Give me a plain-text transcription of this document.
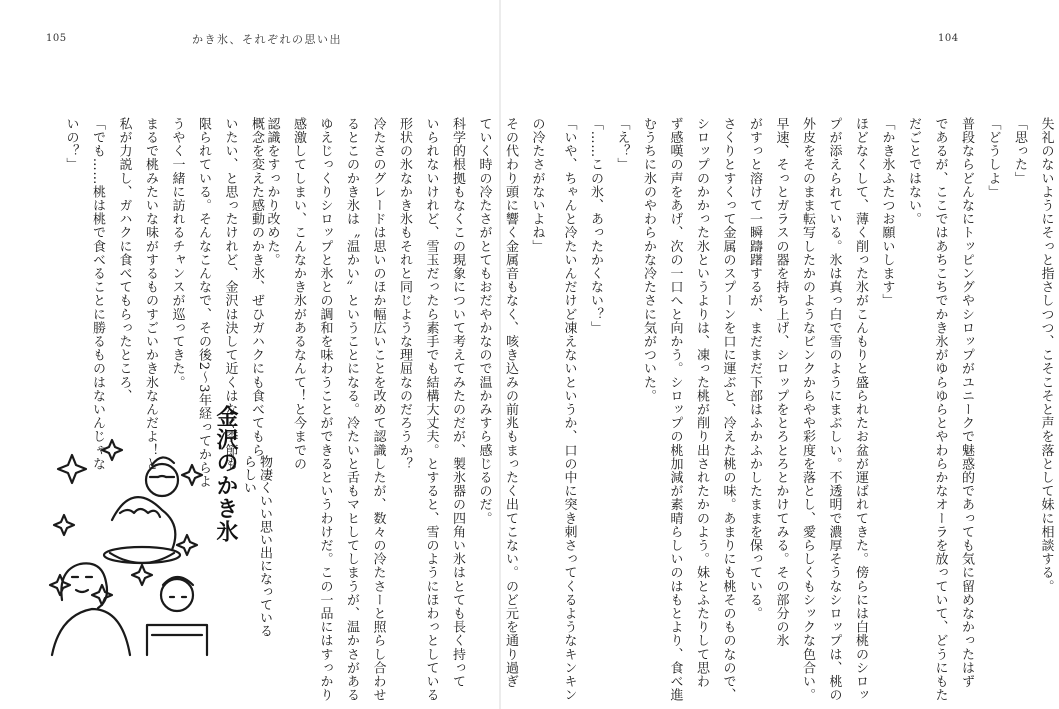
105	かき氷、それぞれの思い出	104
失礼のないようにそっと指さしつつ、こそこそと声を落として妹に相談する。
「思った」
「どうしよ」
普段ならどんなにトッピングやシロップがユニークで魅惑的であっても気に留めなかったはず
であるが、ここではあちこちでかき氷がゆらゆらとやわらかなオーラを放っていて、どうにもた
だごとではない。
「かき氷ふたつお願いします」
ほどなくして、薄く削った氷がこんもりと盛られたお盆が運ばれてきた。傍らには白桃のシロッ
プが添えられている。氷は真っ白で雪のようにまぶしい。不透明で濃厚そうなシロップは、桃の
外皮をそのまま転写したかのようなピンクからやや彩度を落とし、愛らしくもシックな色合い。
早速、そっとガラスの器を持ち上げ、シロップをとろとろとかけてみる。その部分の氷
がすっと溶けて一瞬躊躇するが、まだまだ下部はふかふかしたままを保っている。
さくりとすくって金属のスプーンを口に運ぶと、冷えた桃の味。あまりにも桃そのものなので、
シロップのかかった氷というよりは、凍った桃が削り出されたかのよう。妹とふたりして思わ
ず感嘆の声をあげ、次の一口へと向かう。シロップの桃加減が素晴らしいのはもとより、食べ進
むうちに氷のやわらかな冷たさに気がついた。
「え？」
「……この氷、あったかくない？」
「いや、ちゃんと冷たいんだけど凍えないというか、口の中に突き刺さってくるようなキンキン
の冷たさがないよね」
その代わり頭に響く金属音もなく、咳き込みの前兆もまったく出てこない。のど元を通り過ぎ
ていく時の冷たさがとてもおだやかなので温かみすら感じるのだ。
科学的根拠もなくこの現象について考えてみたのだが、製氷器の四角い氷はとても長く持って
いられないけれど、雪玉だったら素手でも結構大丈夫。とすると、雪のようにほわっとしている
形状の氷なかき氷もそれと同じような理屈なのだろうか？
冷たさのグレードは思いのほか幅広いことを改めて認識したが、数々の冷たさーと照らし合わせ
るとこのかき氷は〝温かい〟ということになる。冷たいと舌もマヒしてしまうが、温かさがある
ゆえじっくりシロップと氷との調和を味わうことができるというわけだ。この一品にはすっかり
感激してしまい、こんなかき氷があるなんて！と今までの
認識をすっかり改めた。
概念を変えた感動のかき氷、ぜひガハクにも食べてもら
いたい、と思ったけれど、金沢は決して近くはなく季節も
限られている。そんなこんなで、その後2〜3年経ってからよ
うやく一緒に訪れるチャンスが巡ってきた。
まるで桃みたいな味がするものすごいかき氷なんだよ！と
私が力説し、ガハクに食べてもらったところ、
「でも……桃は桃で食べることに勝るものはないんじゃな
いの？」
金沢のかき氷	物凄くいい思い出になっているらしい
